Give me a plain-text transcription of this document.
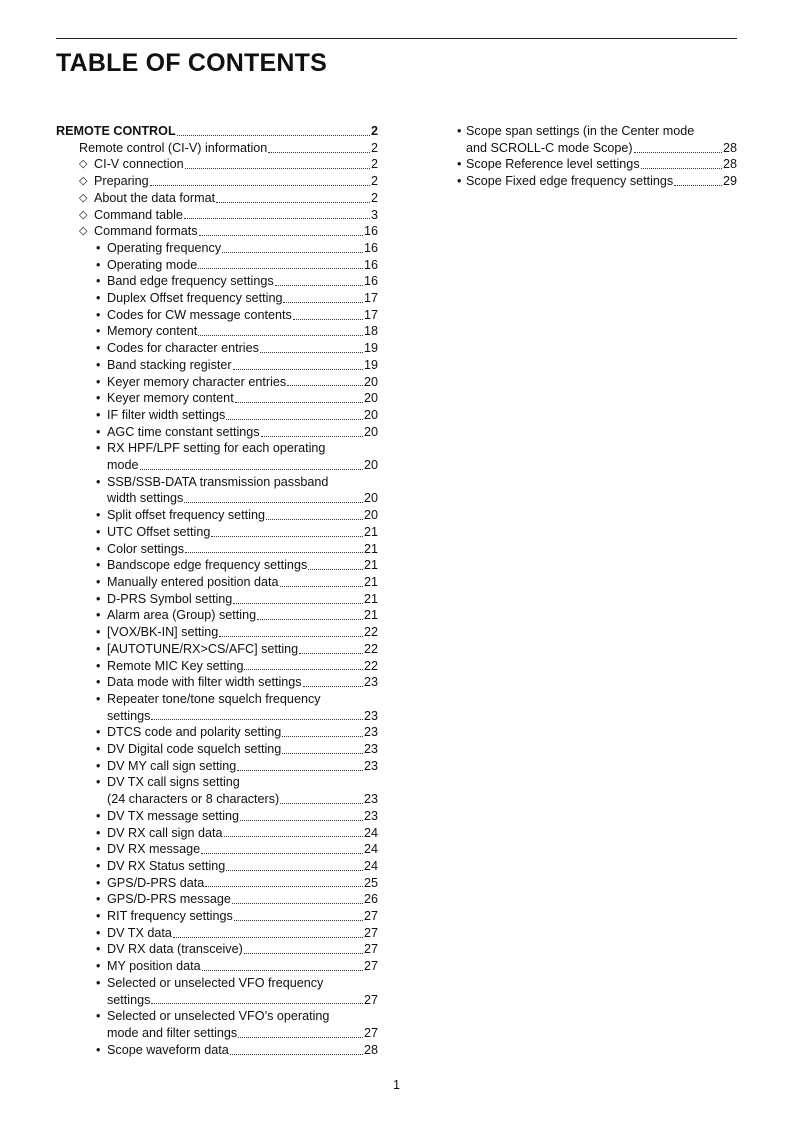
TABLE OF CONTENTS
REMOTE CONTROL	2
Remote control (CI-V) information	2
◇ CI-V connection	2
◇ Preparing	2
◇ About the data format	2
◇ Command table	3
◇ Command formats	16
• Operating frequency	16
• Operating mode	16
• Band edge frequency settings	16
• Duplex Offset frequency setting	17
• Codes for CW message contents	17
• Memory content	18
• Codes for character entries	19
• Band stacking register	19
• Keyer memory character entries	20
• Keyer memory content	20
• IF filter width settings	20
• AGC time constant settings	20
• RX HPF/LPF setting for each operating
mode	20
• SSB/SSB-DATA transmission passband
width settings	20
• Split offset frequency setting	20
• UTC Offset setting	21
• Color settings	21
• Bandscope edge frequency settings	21
• Manually entered position data	21
• D-PRS Symbol setting	21
• Alarm area (Group) setting	21
• [VOX/BK-IN] setting	22
• [AUTOTUNE/RX>CS/AFC] setting	22
• Remote MIC Key setting	22
• Data mode with filter width settings	23
• Repeater tone/tone squelch frequency
settings	23
• DTCS code and polarity setting	23
• DV Digital code squelch setting	23
• DV MY call sign setting	23
• DV TX call signs setting
(24 characters or 8 characters)	23
• DV TX message setting	23
• DV RX call sign data	24
• DV RX message	24
• DV RX Status setting	24
• GPS/D-PRS data	25
• GPS/D-PRS message	26
• RIT frequency settings	27
• DV TX data	27
• DV RX data (transceive)	27
• MY position data	27
• Selected or unselected VFO frequency
settings	27
• Selected or unselected VFO’s operating
mode and filter settings	27
• Scope waveform data	28
• Scope span settings (in the Center mode
and SCROLL-C mode Scope)	28
• Scope Reference level settings	28
• Scope Fixed edge frequency settings	29
1
